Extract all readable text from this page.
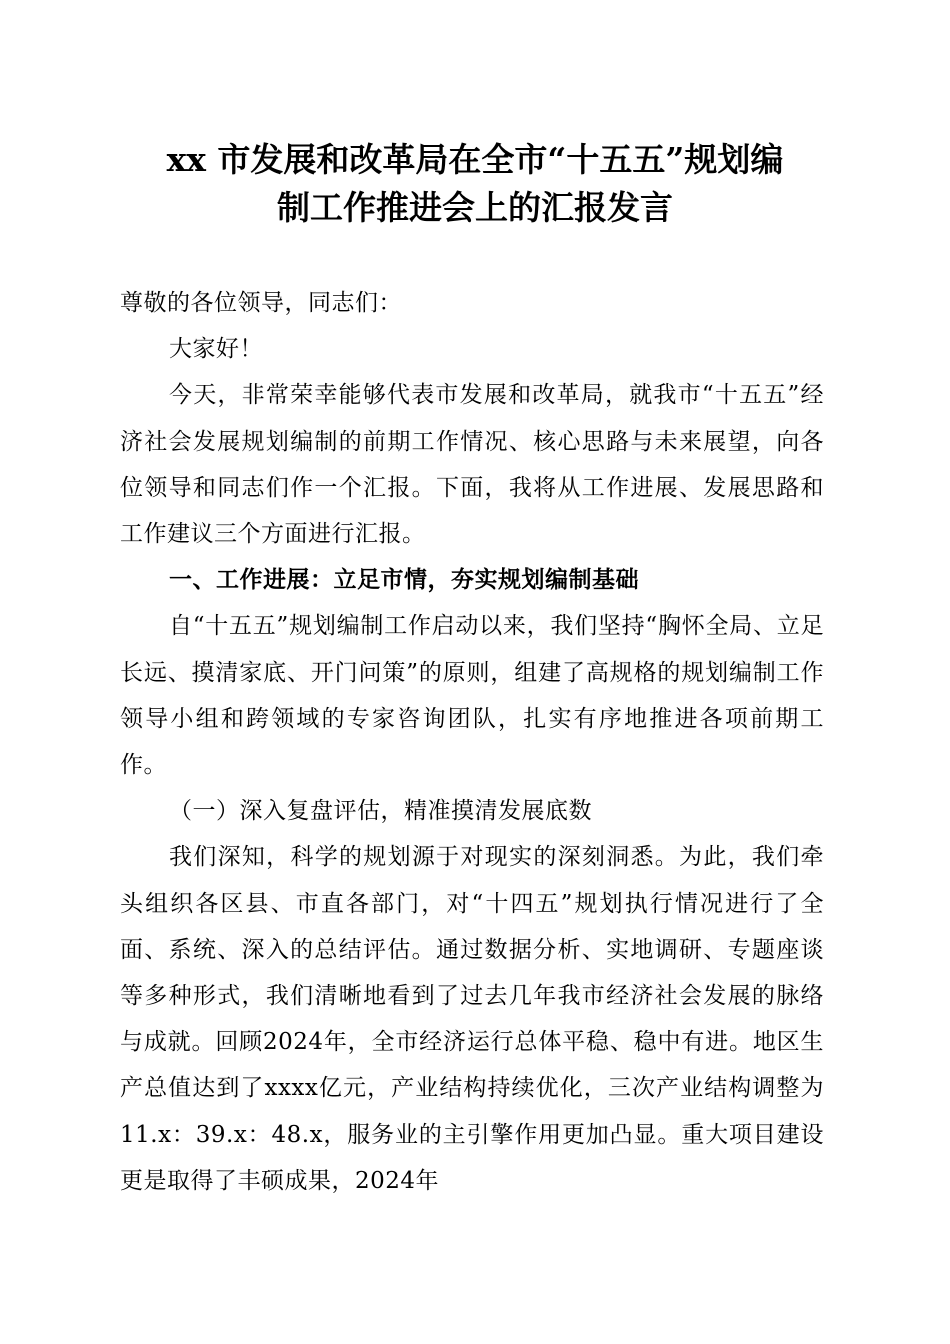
xx 市发展和改革局在全市“十五五”规划编
制工作推进会上的汇报发言

尊敬的各位领导，同志们：

大家好！

今天，非常荣幸能够代表市发展和改革局，就我市“十五五”经济社会发展规划编制的前期工作情况、核心思路与未来展望，向各位领导和同志们作一个汇报。下面，我将从工作进展、发展思路和工作建议三个方面进行汇报。

一、工作进展：立足市情，夯实规划编制基础

自“十五五”规划编制工作启动以来，我们坚持“胸怀全局、立足长远、摸清家底、开门问策”的原则，组建了高规格的规划编制工作领导小组和跨领域的专家咨询团队，扎实有序地推进各项前期工作。

（一）深入复盘评估，精准摸清发展底数

我们深知，科学的规划源于对现实的深刻洞悉。为此，我们牵头组织各区县、市直各部门，对“十四五”规划执行情况进行了全面、系统、深入的总结评估。通过数据分析、实地调研、专题座谈等多种形式，我们清晰地看到了过去几年我市经济社会发展的脉络与成就。回顾2024年，全市经济运行总体平稳、稳中有进。地区生产总值达到了xxxx亿元，产业结构持续优化，三次产业结构调整为11.x：39.x：48.x，服务业的主引擎作用更加凸显。重大项目建设更是取得了丰硕成果，2024年
